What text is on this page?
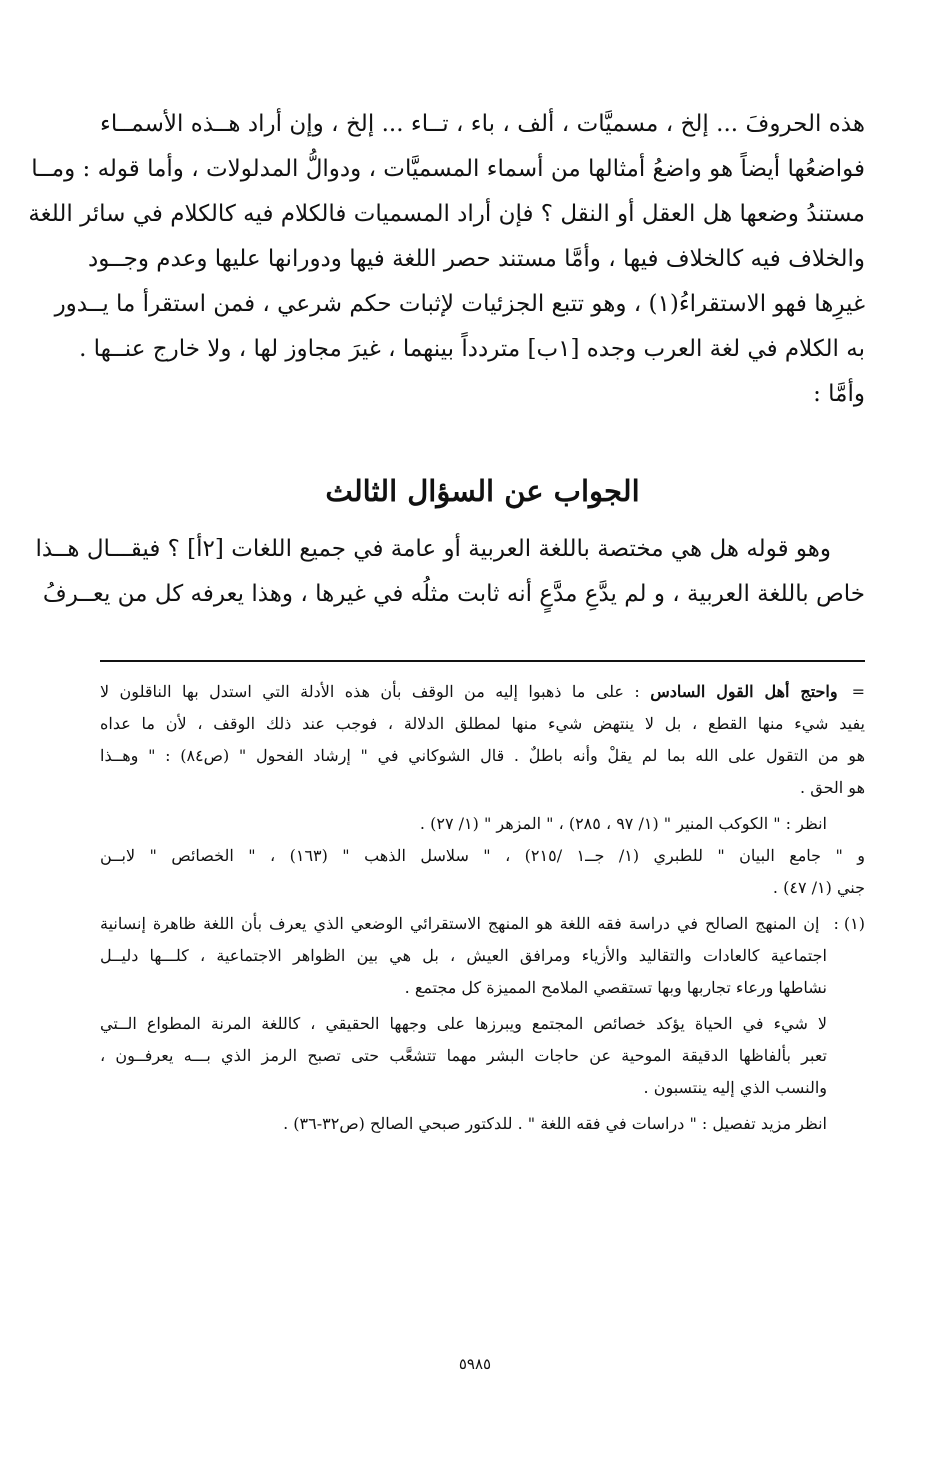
هذه الحروفَ ... إلخ ، مسميَّات ، ألف ، باء ، تــاء ... إلخ ، وإن أراد هــذه الأسمــاء
فواضعُها أيضاً هو واضعُ أمثالها من أسماء المسميَّات ، ودوالُّ المدلولات ، وأما قوله : ومــا
مستندُ وضعها هل العقل أو النقل ؟ فإن أراد المسميات فالكلام فيه كالكلام في سائر اللغة
والخلاف فيه كالخلاف فيها ، وأمَّا مستند حصر اللغة فيها ودورانها عليها وعدم وجــود
غيرِها فهو الاستقراءُ(١) ، وهو تتبع الجزئيات لإثبات حكم شرعي ، فمن استقرأ ما يــدور
به الكلام في لغة العرب وجده [١ب] متردداً بينهما ، غيرَ مجاوز لها ، ولا خارج عنــها .
وأمَّا :
الجواب عن السؤال الثالث
وهو قوله هل هي مختصة باللغة العربية أو عامة في جميع اللغات [٢أ] ؟ فيقـــال هــذا
خاص باللغة العربية ، و لم يدَّعِ مدَّعٍ أنه ثابت مثلُه في غيرها ، وهذا يعرفه كل من يعــرفُ
=واحتج أهل القول السادس : على ما ذهبوا إليه من الوقف بأن هذه الأدلة التي استدل بها الناقلون لا
يفيد شيء منها القطع ، بل لا ينتهض شيء منها لمطلق الدلالة ، فوجب عند ذلك الوقف ، لأن ما عداه
هو من التقول على الله بما لم يقلْ وأنه باطلٌ . قال الشوكاني في " إرشاد الفحول " (ص٨٤) : " وهــذا
هو الحق .
انظر : " الكوكب المنير " (١/ ٩٧ ، ٢٨٥) ، " المزهر " (١/ ٢٧) .
و " جامع البيان " للطبري (١/ جــ١ /٢١٥) ، " سلاسل الذهب " (١٦٣) ، " الخصائص " لابــن
جني (١/ ٤٧) .
(١) :إن المنهج الصالح في دراسة فقه اللغة هو المنهج الاستقرائي الوضعي الذي يعرف بأن اللغة ظاهرة إنسانية
اجتماعية كالعادات والتقاليد والأزياء ومرافق العيش ، بل هي بين الظواهر الاجتماعية ، كلـــها دليــل
نشاطها ورعاء تجاربها وبها تستقصي الملامح المميزة كل مجتمع .
لا شيء في الحياة يؤكد خصائص المجتمع ويبرزها على وجهها الحقيقي ، كاللغة المرنة المطواع الــتي
تعبر بألفاظها الدقيقة الموحية عن حاجات البشر مهما تتشعَّب حتى تصبح الرمز الذي بـــه يعرفــون ،
والنسب الذي إليه ينتسبون .
انظر مزيد تفصيل : " دراسات في فقه اللغة " . للدكتور صبحي الصالح (ص٣٢-٣٦) .
٥٩٨٥
